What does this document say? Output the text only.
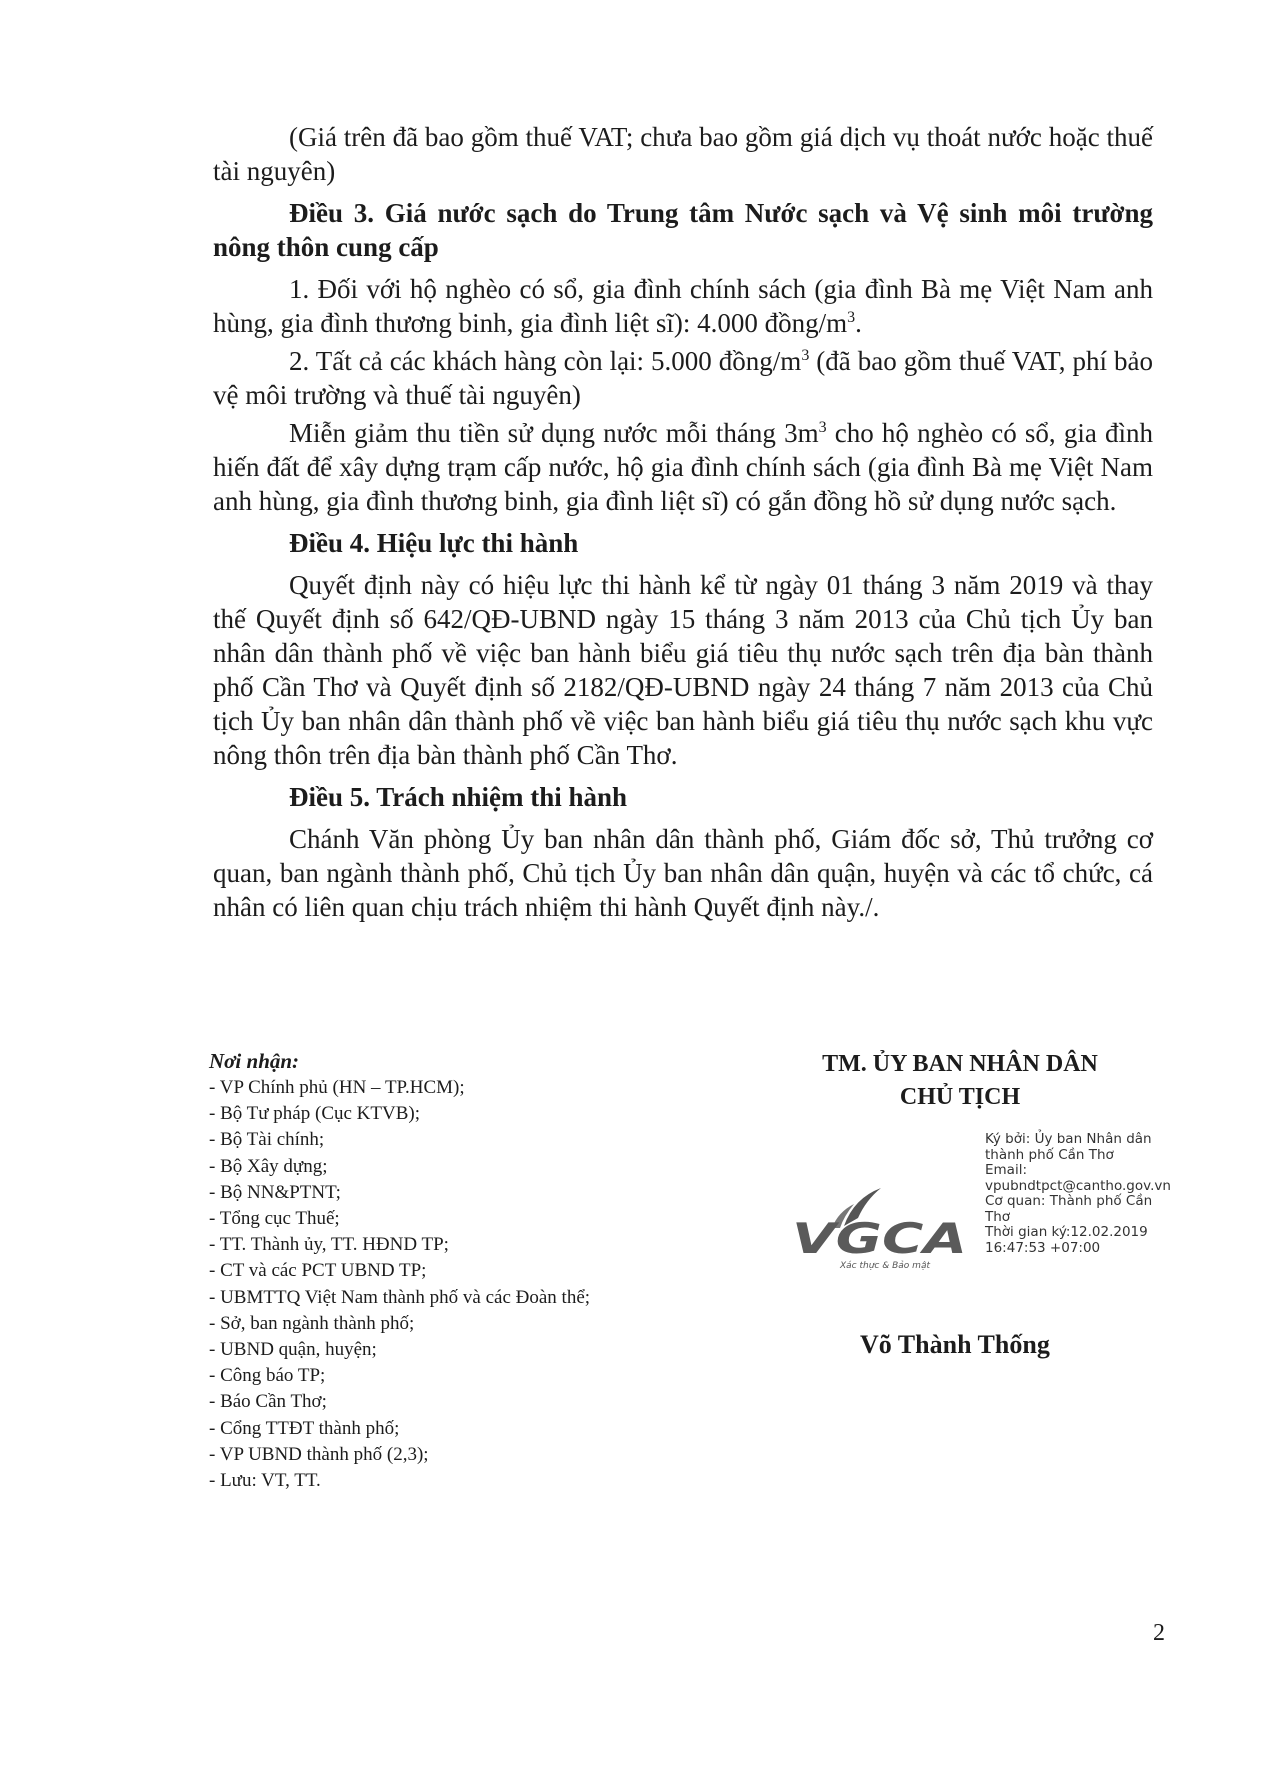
(Giá trên đã bao gồm thuế VAT; chưa bao gồm giá dịch vụ thoát nước hoặc thuế tài nguyên)

Điều 3. Giá nước sạch do Trung tâm Nước sạch và Vệ sinh môi trường nông thôn cung cấp

1. Đối với hộ nghèo có sổ, gia đình chính sách (gia đình Bà mẹ Việt Nam anh hùng, gia đình thương binh, gia đình liệt sĩ): 4.000 đồng/$m^3$.

2. Tất cả các khách hàng còn lại: 5.000 đồng/$m^3$ (đã bao gồm thuế VAT, phí bảo vệ môi trường và thuế tài nguyên)

Miễn giảm thu tiền sử dụng nước mỗi tháng $3m^3$ cho hộ nghèo có sổ, gia đình hiến đất để xây dựng trạm cấp nước, hộ gia đình chính sách (gia đình Bà mẹ Việt Nam anh hùng, gia đình thương binh, gia đình liệt sĩ) có gắn đồng hồ sử dụng nước sạch.

Điều 4. Hiệu lực thi hành

Quyết định này có hiệu lực thi hành kể từ ngày 01 tháng 3 năm 2019 và thay thế Quyết định số 642/QĐ-UBND ngày 15 tháng 3 năm 2013 của Chủ tịch Ủy ban nhân dân thành phố về việc ban hành biểu giá tiêu thụ nước sạch trên địa bàn thành phố Cần Thơ và Quyết định số 2182/QĐ-UBND ngày 24 tháng 7 năm 2013 của Chủ tịch Ủy ban nhân dân thành phố về việc ban hành biểu giá tiêu thụ nước sạch khu vực nông thôn trên địa bàn thành phố Cần Thơ.

Điều 5. Trách nhiệm thi hành

Chánh Văn phòng Ủy ban nhân dân thành phố, Giám đốc sở, Thủ trưởng cơ quan, ban ngành thành phố, Chủ tịch Ủy ban nhân dân quận, huyện và các tổ chức, cá nhân có liên quan chịu trách nhiệm thi hành Quyết định này./.

Nơi nhận:
- VP Chính phủ (HN – TP.HCM);
- Bộ Tư pháp (Cục KTVB);
- Bộ Tài chính;
- Bộ Xây dựng;
- Bộ NN&PTNT;
- Tổng cục Thuế;
- TT. Thành ủy, TT. HĐND TP;
- CT và các PCT UBND TP;
- UBMTTQ Việt Nam thành phố và các Đoàn thể;
- Sở, ban ngành thành phố;
- UBND quận, huyện;
- Công báo TP;
- Báo Cần Thơ;
- Cổng TTĐT thành phố;
- VP UBND thành phố (2,3);
- Lưu: VT, TT.
TM. ỦY BAN NHÂN DÂN
CHỦ TỊCH
Ký bởi: Ủy ban Nhân dân
thành phố Cần Thơ
Email:
vpubndtpct@cantho.gov.vn
Cơ quan: Thành phố Cần
Thơ
Thời gian ký:12.02.2019
16:47:53 +07:00
VGCA
Xác thực & Bảo mật
Võ Thành Thống
2
